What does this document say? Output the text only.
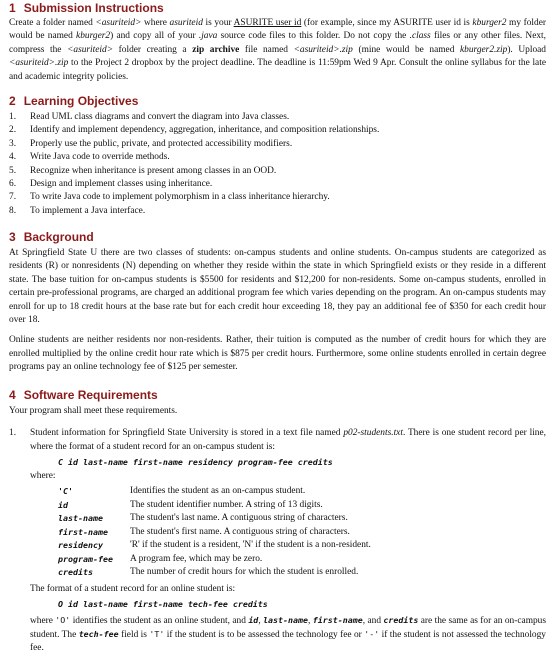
1 Submission Instructions

Create a folder named <asuriteid> where asuriteid is your ASURITE user id (for example, since my ASURITE user id is kburger2 my folder would be named kburger2) and copy all of your .java source code files to this folder. Do not copy the .class files or any other files. Next, compress the <asuriteid> folder creating a zip archive file named <asuriteid>.zip (mine would be named kburger2.zip). Upload <asuriteid>.zip to the Project 2 dropbox by the project deadline. The deadline is 11:59pm Wed 9 Apr. Consult the online syllabus for the late and academic integrity policies.

2 Learning Objectives
1. Read UML class diagrams and convert the diagram into Java classes.
2. Identify and implement dependency, aggregation, inheritance, and composition relationships.
3. Properly use the public, private, and protected accessibility modifiers.
4. Write Java code to override methods.
5. Recognize when inheritance is present among classes in an OOD.
6. Design and implement classes using inheritance.
7. To write Java code to implement polymorphism in a class inheritance hierarchy.
8. To implement a Java interface.
3 Background

At Springfield State U there are two classes of students: on-campus students and online students. On-campus students are categorized as residents (R) or nonresidents (N) depending on whether they reside within the state in which Springfield exists or they reside in a different state. The base tuition for on-campus students is $5500 for residents and $12,200 for non-residents. Some on-campus students, enrolled in certain pre-professional programs, are charged an additional program fee which varies depending on the program. An on-campus students may enroll for up to 18 credit hours at the base rate but for each credit hour exceeding 18, they pay an additional fee of $350 for each credit hour over 18.

Online students are neither residents nor non-residents. Rather, their tuition is computed as the number of credit hours for which they are enrolled multiplied by the online credit hour rate which is $875 per credit hours. Furthermore, some online students enrolled in certain degree programs pay an online technology fee of $125 per semester.

4 Software Requirements

Your program shall meet these requirements.

1. Student information for Springfield State University is stored in a text file named p02-students.txt. There is one student record per line, where the format of a student record for an on-campus student is:

C id last-name first-name residency program-fee credits
where:
'C'	Identifies the student as an on-campus student.
id	The student identifier number. A string of 13 digits.
last-name	The student's last name. A contiguous string of characters.
first-name	The student's first name. A contiguous string of characters.
residency	'R' if the student is a resident, 'N' if the student is a non-resident.
program-fee	A program fee, which may be zero.
credits	The number of credit hours for which the student is enrolled.

The format of a student record for an online student is:

O id last-name first-name tech-fee credits

where 'O' identifies the student as an online student, and id, last-name, first-name, and credits are the same as for an on-campus student. The tech-fee field is 'T' if the student is to be assessed the technology fee or '-' if the student is not assessed the technology fee.
